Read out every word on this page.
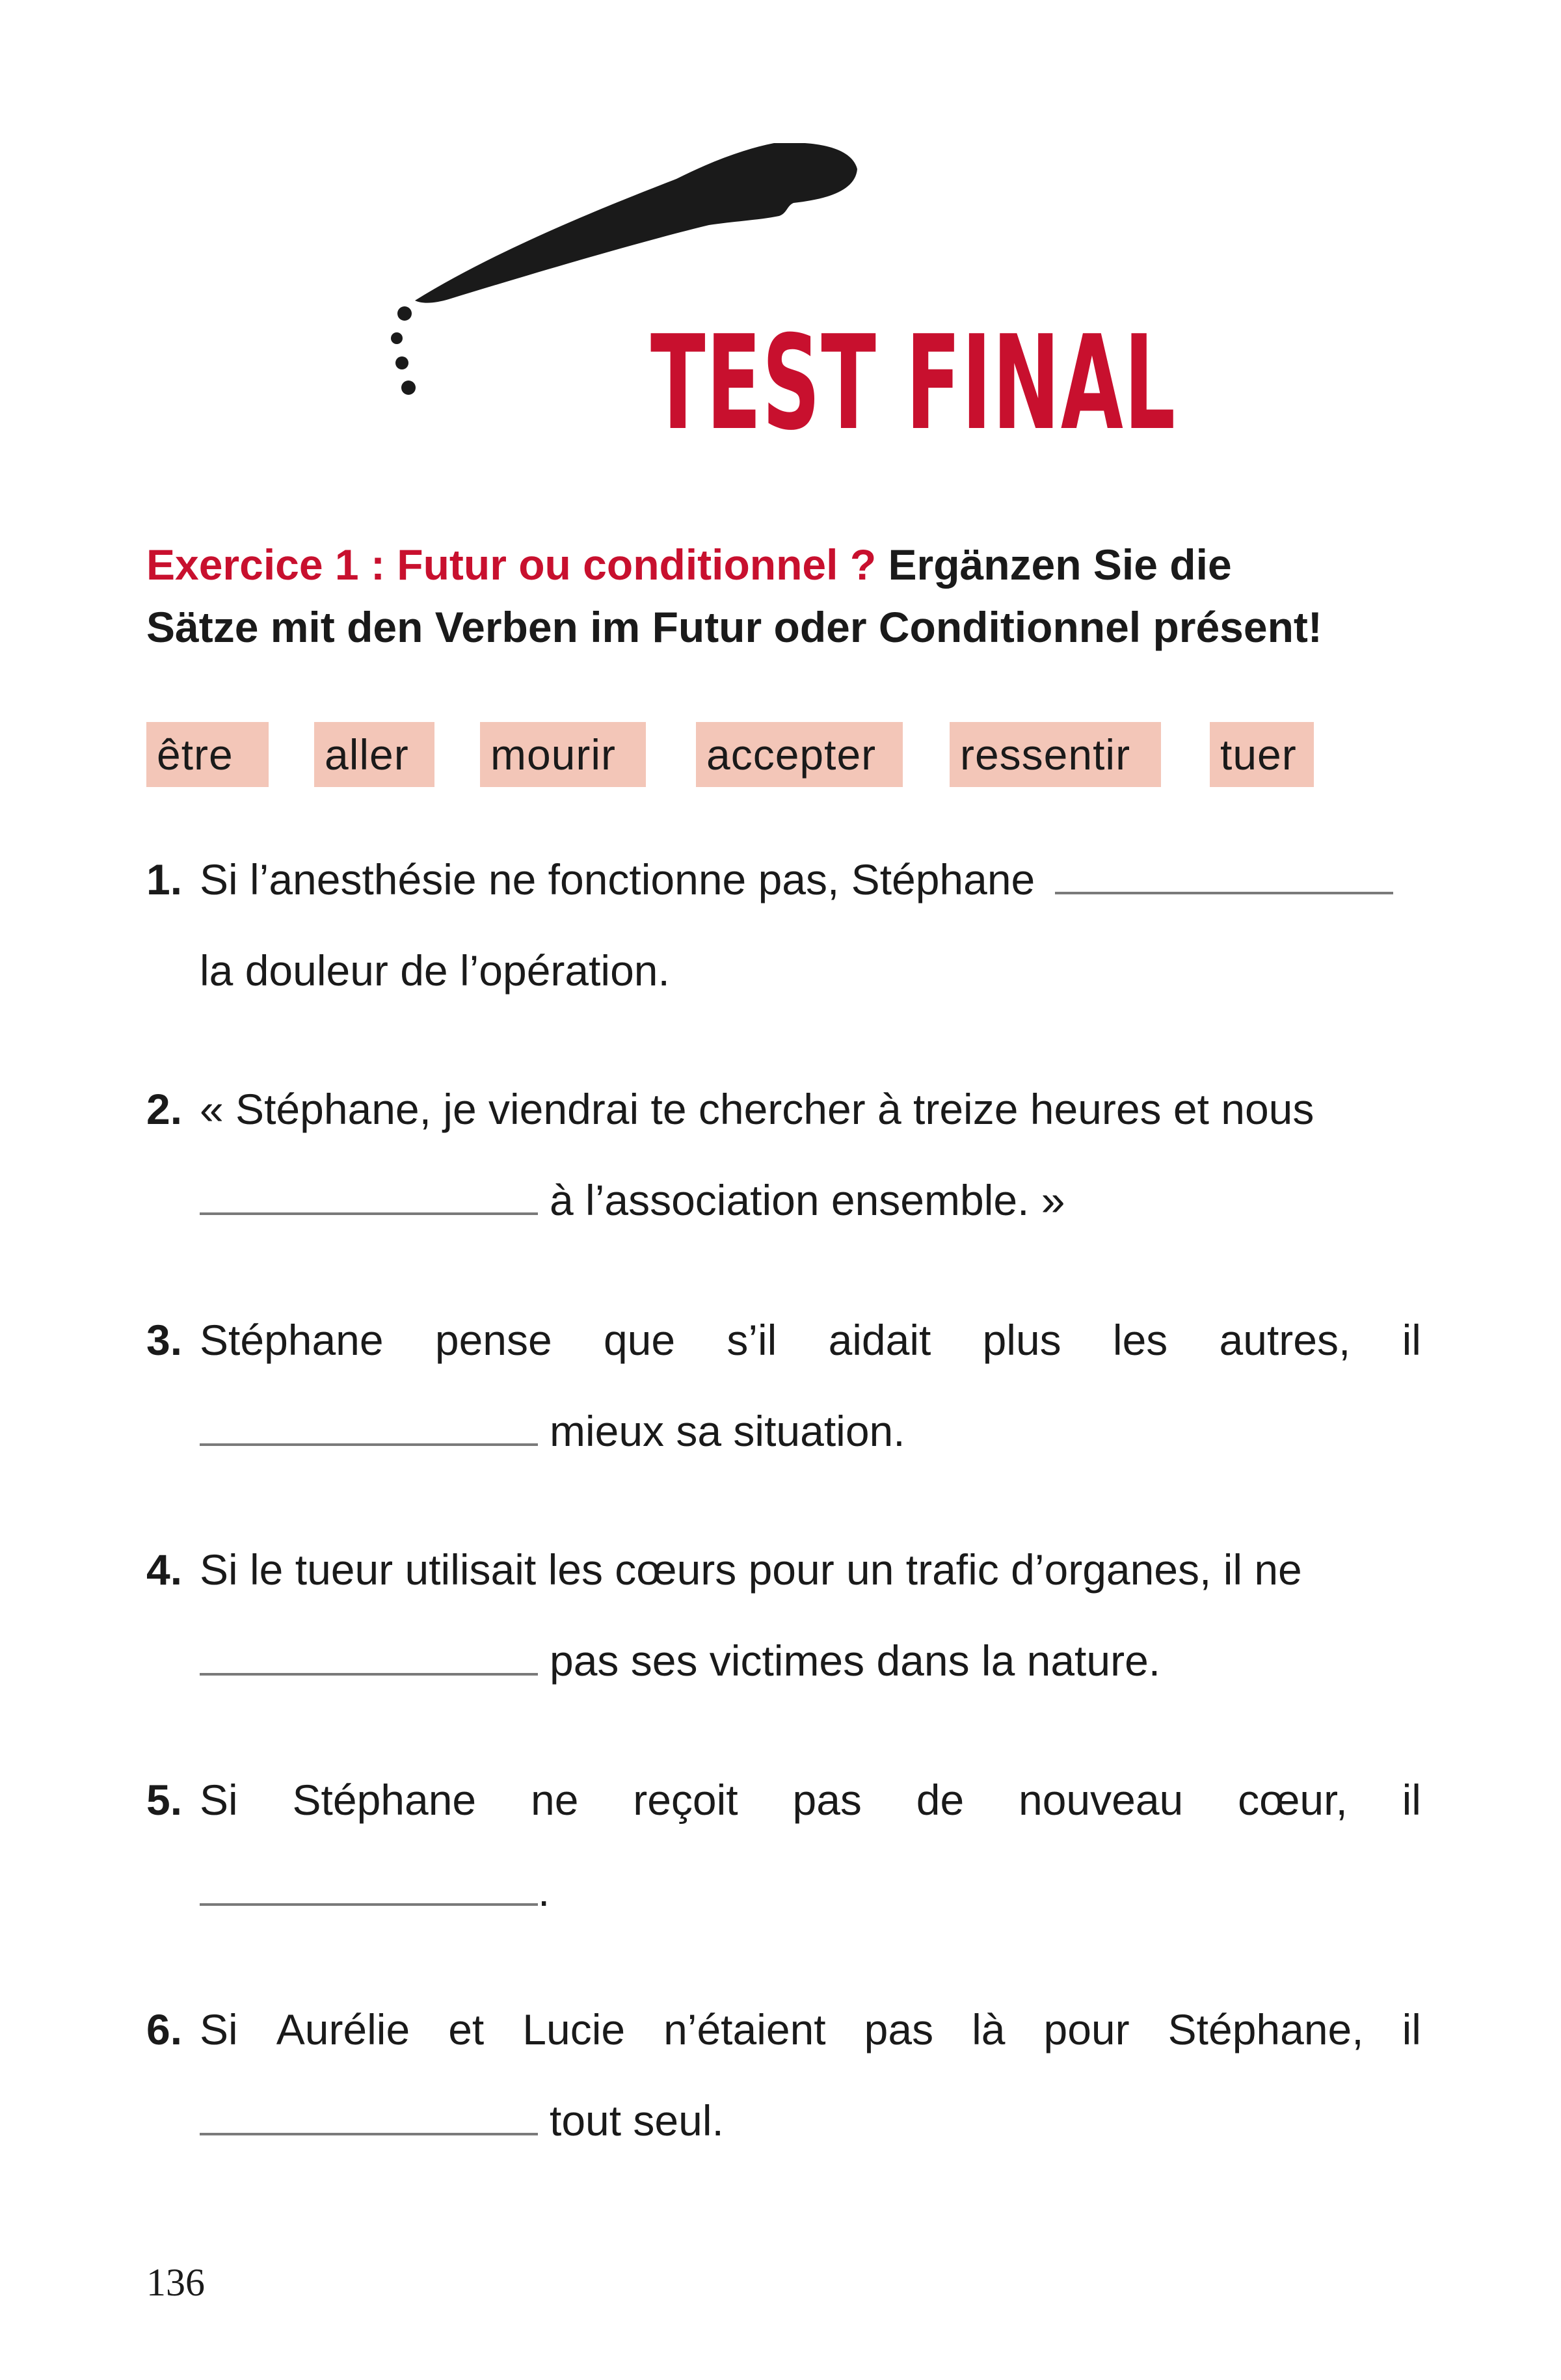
TEST FINAL
Exercice 1 : Futur ou conditionnel ? Ergänzen Sie die
Sätze mit den Verben im Futur oder Conditionnel présent!
être	aller	mourir	accepter	ressentir	tuer
1. Si l’anesthésie ne fonctionne pas, Stéphane
la douleur de l’opération.
2. « Stéphane, je viendrai te chercher à treize heures et nous
à l’association ensemble. »
3. Stéphane pense que s’il aidait plus les autres, il
mieux sa situation.
4. Si le tueur utilisait les cœurs pour un trafic d’organes, il ne
pas ses victimes dans la nature.
5. Si Stéphane ne reçoit pas de nouveau cœur, il
.
6. Si Aurélie et Lucie n’étaient pas là pour Stéphane, il
tout seul.
136
